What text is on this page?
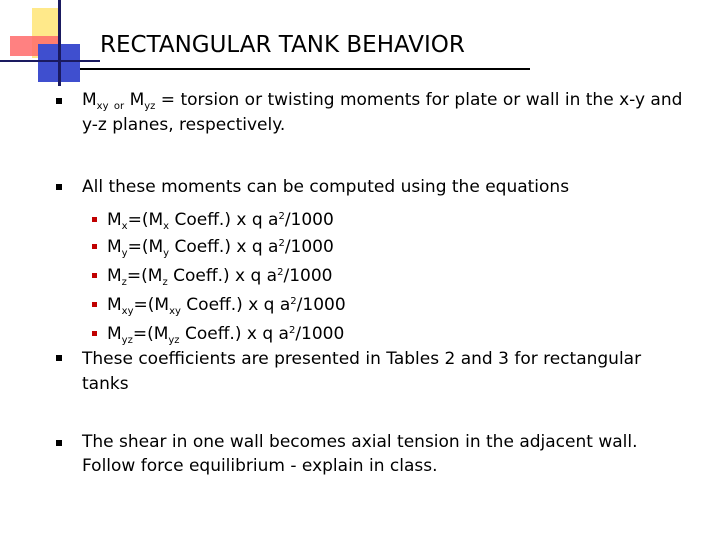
RECTANGULAR TANK BEHAVIOR
$M_{xy}$ $_{or}$ $M_{yz}$ = torsion or twisting moments for plate or wall in the x-y and
y-z planes, respectively.
All these moments can be computed using the equations
$M_x=(M_x$ Coeff.) x q $a^2/1000$
$M_y=(M_y$ Coeff.) x q $a^2/1000$
$M_z=(M_z$ Coeff.) x q $a^2/1000$
$M_{xy}=(M_{xy}$ Coeff.) x q $a^2/1000$
$M_{yz}=(M_{yz}$ Coeff.) x q $a^2/1000$
These coefficients are presented in Tables 2 and 3 for rectangular
tanks
The shear in one wall becomes axial tension in the adjacent wall.
Follow force equilibrium - explain in class.
